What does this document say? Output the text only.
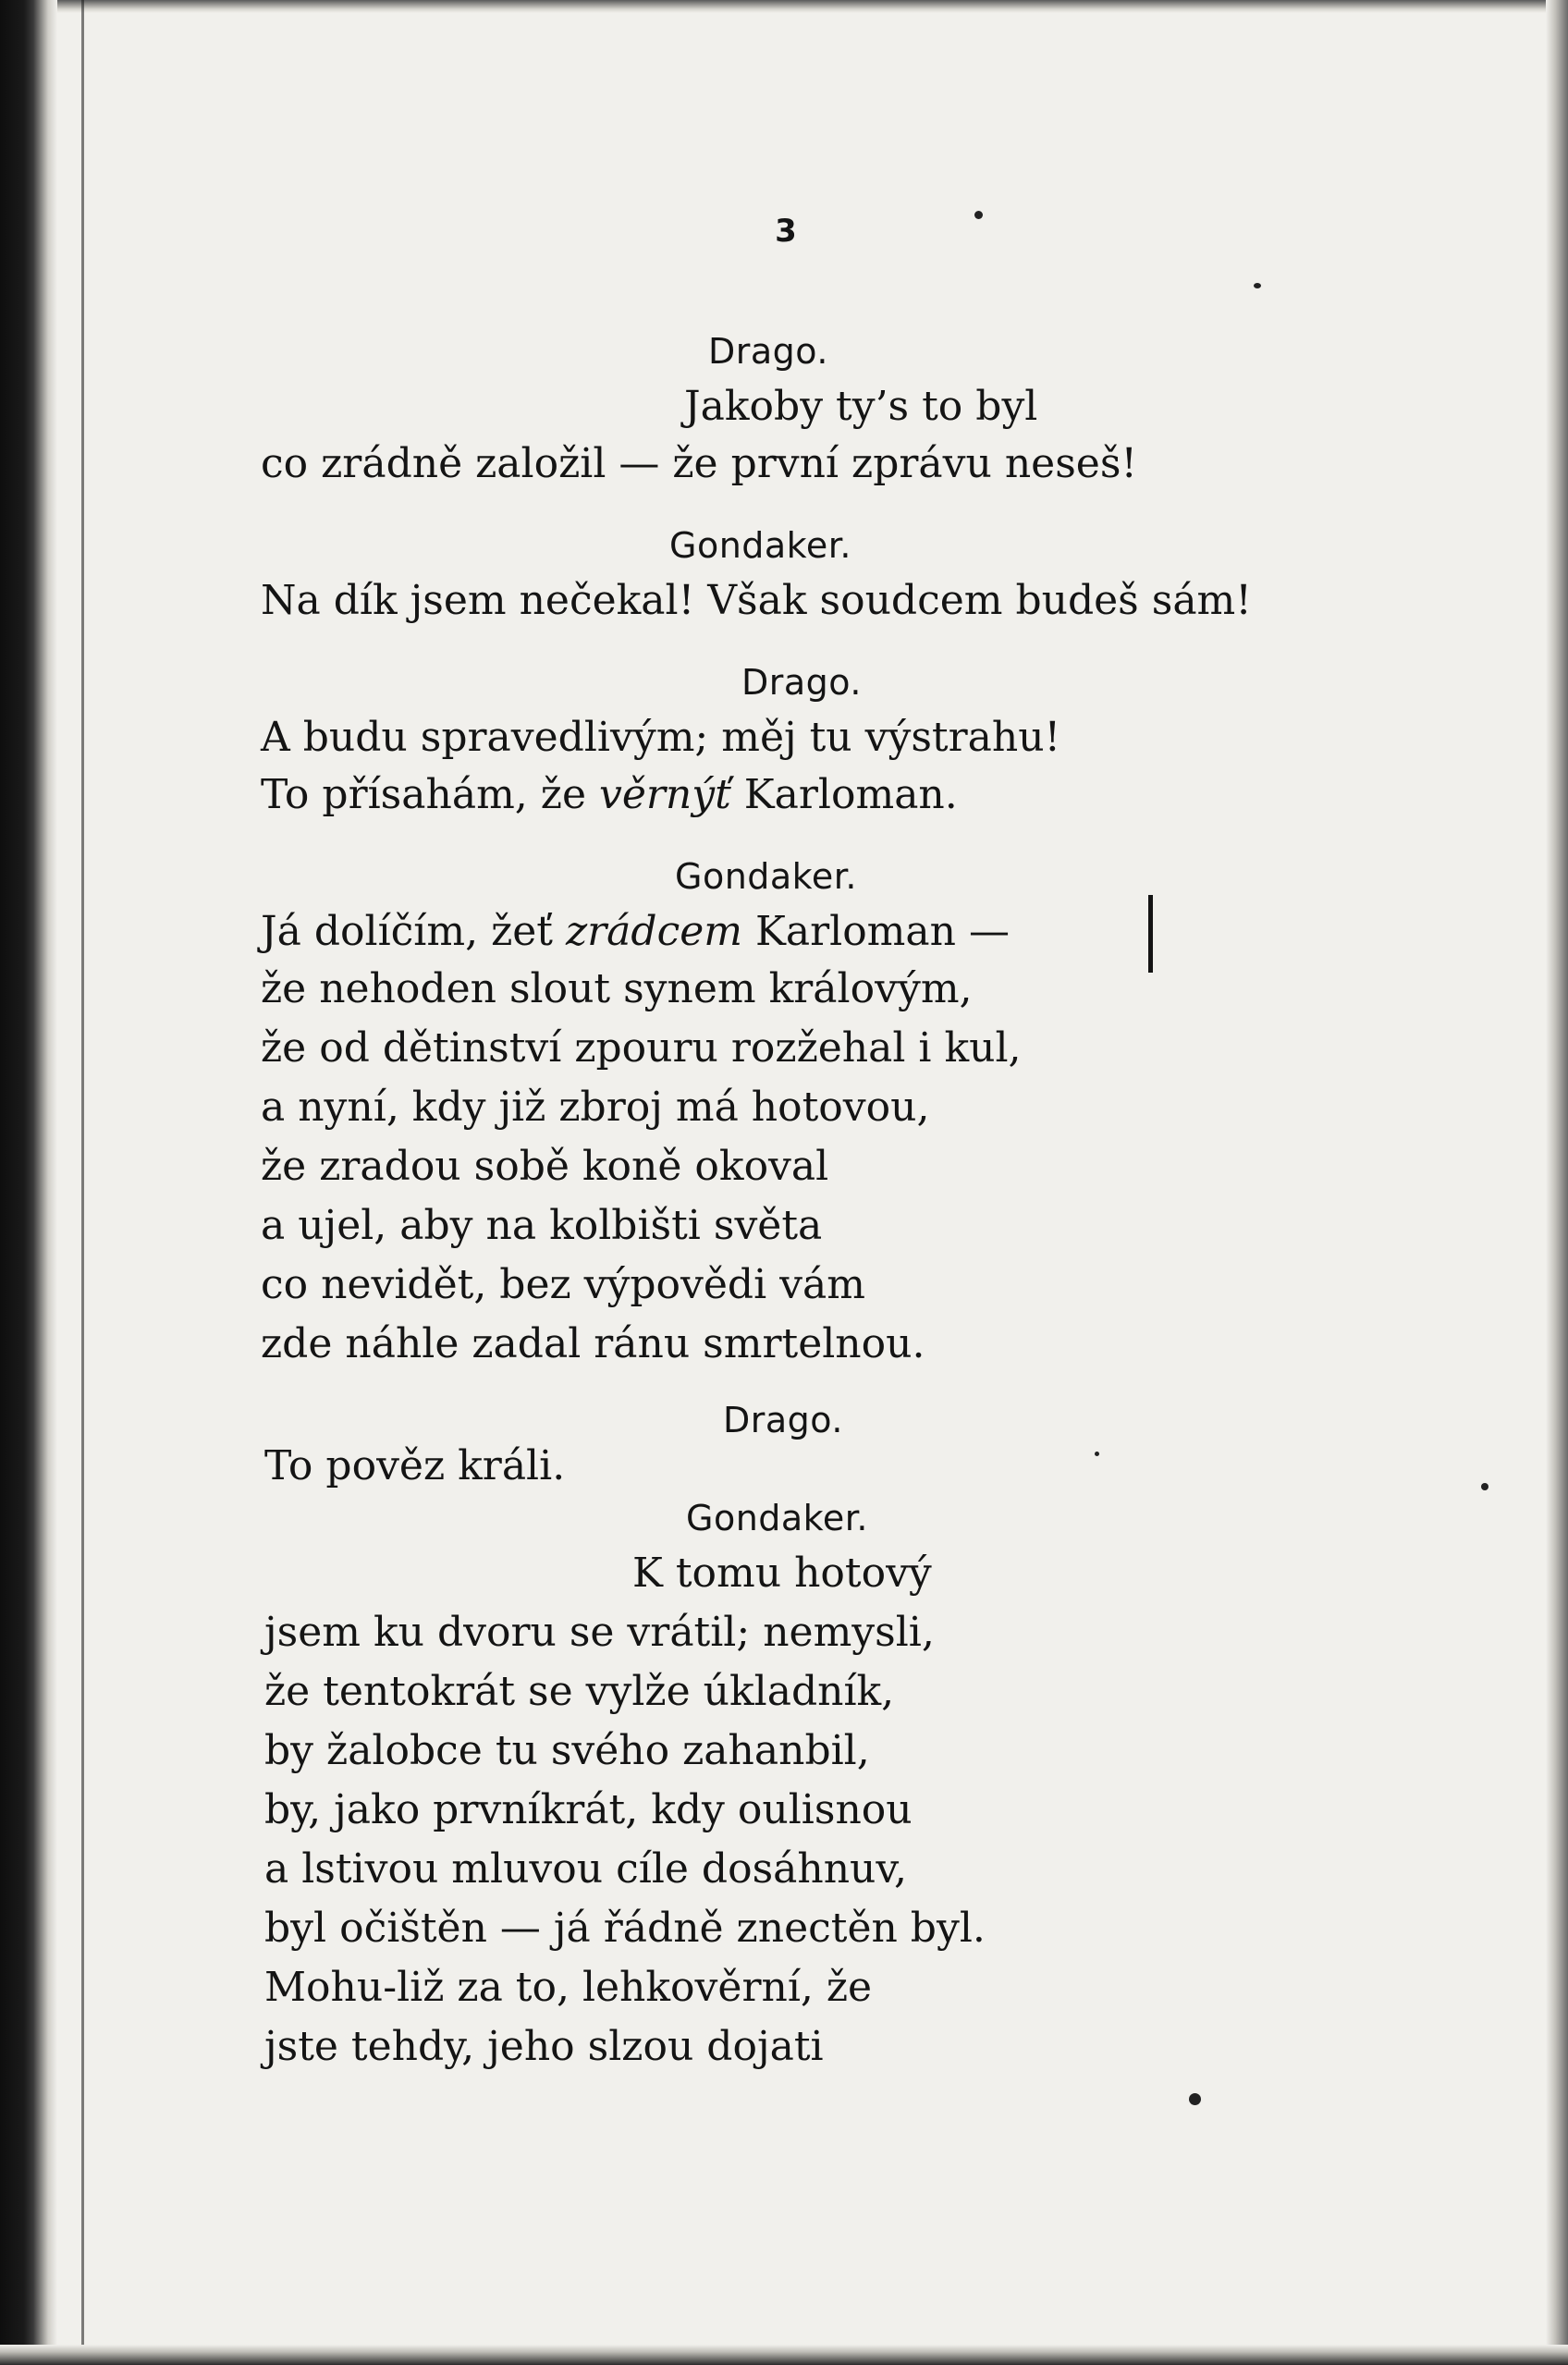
3
Drago.
Jakoby ty’s to byl
co zrádně založil — že první zprávu neseš!
Gondaker.
Na dík jsem nečekal! Však soudcem budeš sám!
Drago.
A budu spravedlivým; měj tu výstrahu!
To přísahám, že věrnýť Karloman.
Gondaker.
Já dolíčím, žeť zrádcem Karloman —
že nehoden slout synem královým,
že od dětinství zpouru rozžehal i kul,
a nyní, kdy již zbroj má hotovou,
že zradou sobě koně okoval
a ujel, aby na kolbišti světa
co nevidět, bez výpovědi vám
zde náhle zadal ránu smrtelnou.
Drago.
To pověz králi.
Gondaker.
K tomu hotový
jsem ku dvoru se vrátil; nemysli,
že tentokrát se vylže úkladník,
by žalobce tu svého zahanbil,
by, jako prvníkrát, kdy oulisnou
a lstivou mluvou cíle dosáhnuv,
byl očištěn — já řádně znectěn byl.
Mohu-liž za to, lehkověrní, že
jste tehdy, jeho slzou dojati
